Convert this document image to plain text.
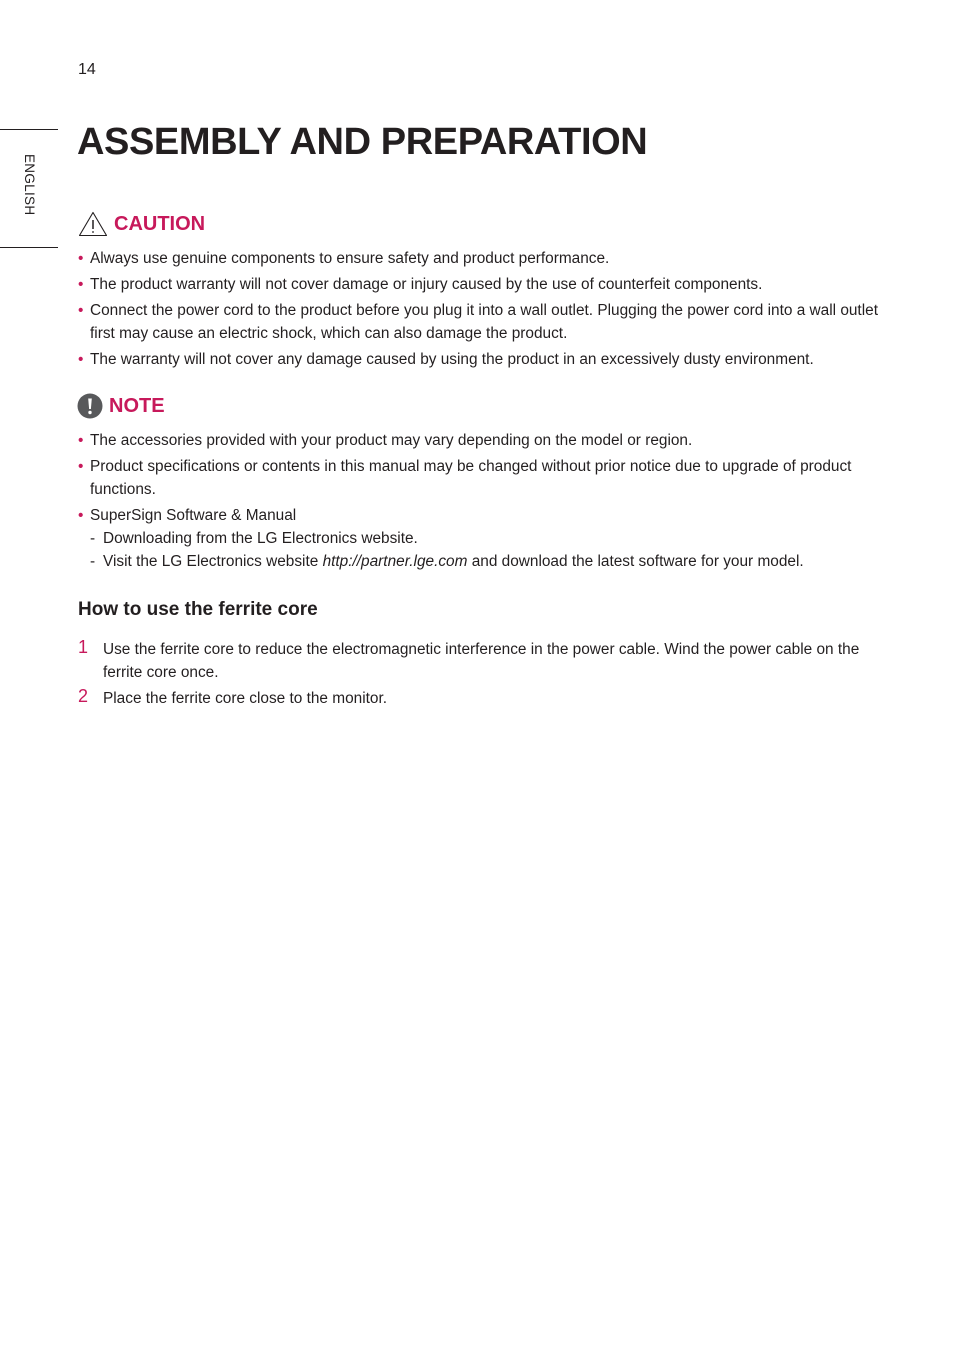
14
ENGLISH
ASSEMBLY AND PREPARATION
CAUTION
• Always use genuine components to ensure safety and product performance.
• The product warranty will not cover damage or injury caused by the use of counterfeit components.
• Connect the power cord to the product before you plug it into a wall outlet. Plugging the power cord into a wall outlet first may cause an electric shock, which can also damage the product.
• The warranty will not cover any damage caused by using the product in an excessively dusty environment.
NOTE
• The accessories provided with your product may vary depending on the model or region.
• Product specifications or contents in this manual may be changed without prior notice due to upgrade of product functions.
• SuperSign Software & Manual
- Downloading from the LG Electronics website.
- Visit the LG Electronics website http://partner.lge.com and download the latest software for your model.
How to use the ferrite core
1 Use the ferrite core to reduce the electromagnetic interference in the power cable. Wind the power cable on the ferrite core once.
2 Place the ferrite core close to the monitor.
